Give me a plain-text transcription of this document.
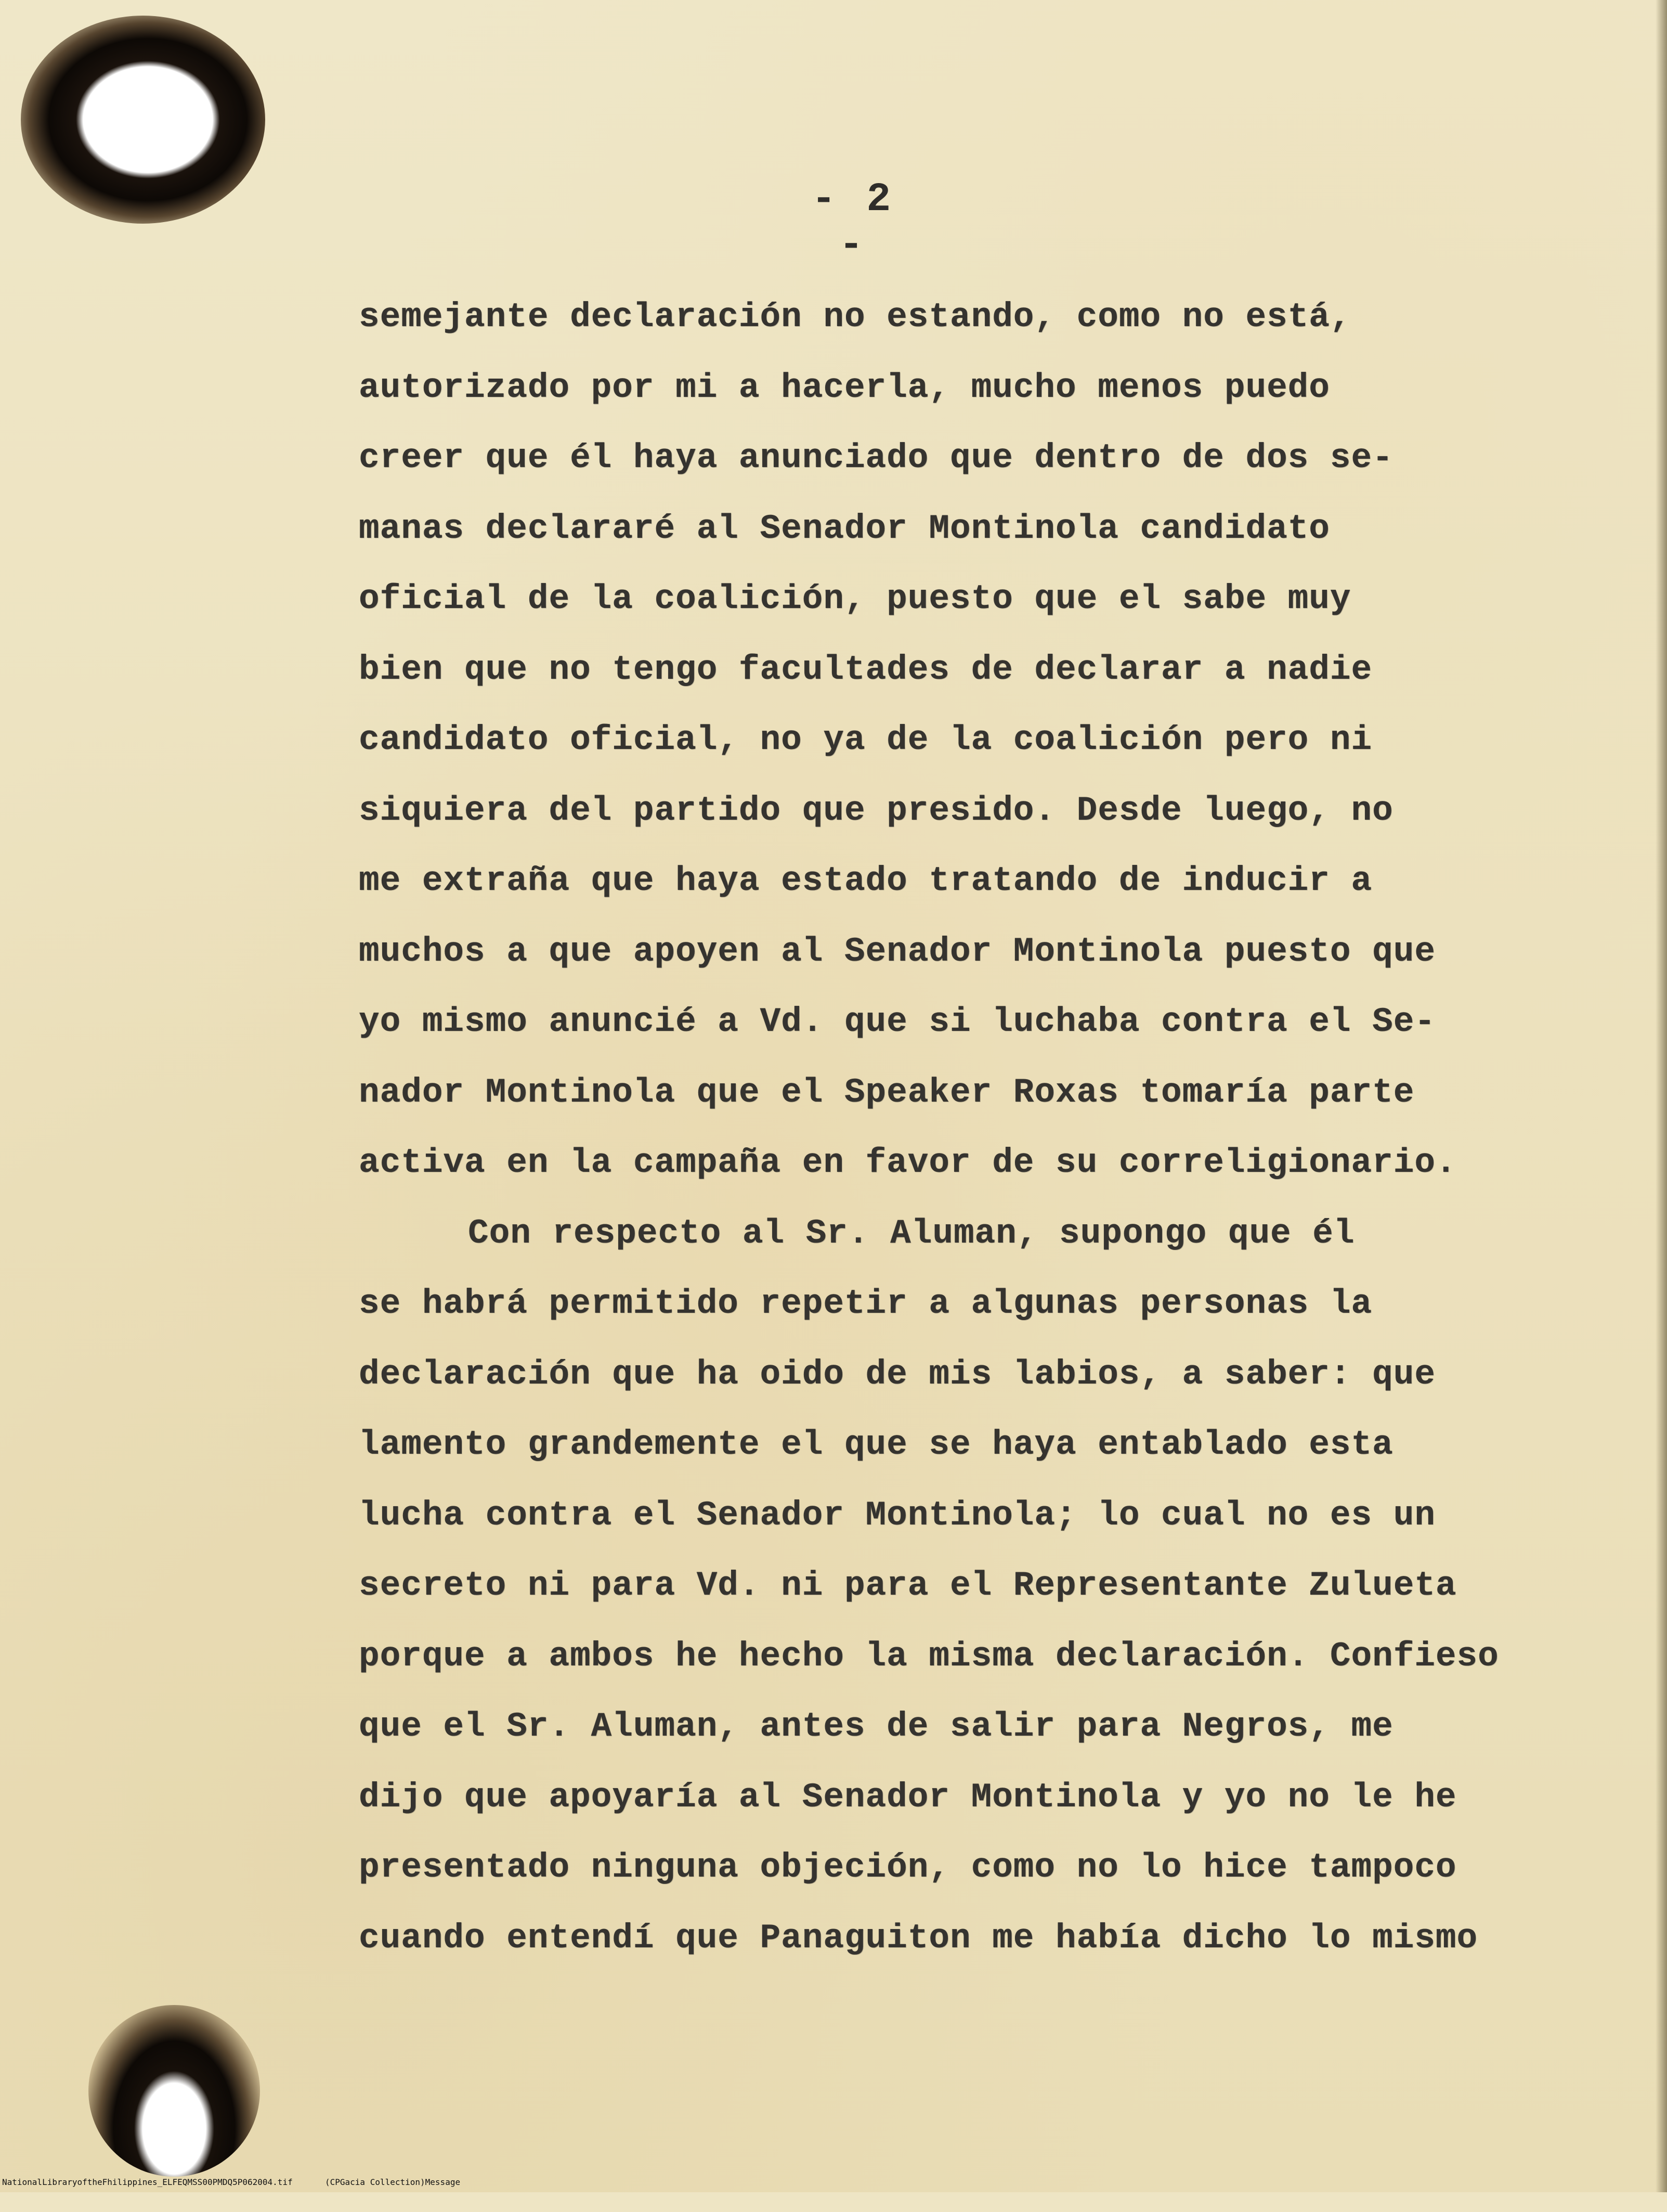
- 2 -
semejante declaración no estando, como no está,
autorizado por mi a hacerla, mucho menos puedo
creer que él haya anunciado que dentro de dos se-
manas declararé al Senador Montinola candidato
oficial de la coalición, puesto que el sabe muy
bien que no tengo facultades de declarar a nadie
candidato oficial, no ya de la coalición pero ni
siquiera del partido que presido. Desde luego, no
me extraña que haya estado tratando de inducir a
muchos a que apoyen al Senador Montinola puesto que
yo mismo anuncié a Vd. que si luchaba contra el Se-
nador Montinola que el Speaker Roxas tomaría parte
activa en la campaña en favor de su correligionario.
Con respecto al Sr. Aluman, supongo que él
se habrá permitido repetir a algunas personas la
declaración que ha oido de mis labios, a saber: que
lamento grandemente el que se haya entablado esta
lucha contra el Senador Montinola; lo cual no es un
secreto ni para Vd. ni para el Representante Zulueta
porque a ambos he hecho la misma declaración. Confieso
que el Sr. Aluman, antes de salir para Negros, me
dijo que apoyaría al Senador Montinola y yo no le he
presentado ninguna objeción, como no lo hice tampoco
cuando entendí que Panaguiton me había dicho lo mismo

NationalLibraryoftheFhilippines_ELFEQMSS00PMDQ5P062004.tif

	(CPGacia Collection)Message
